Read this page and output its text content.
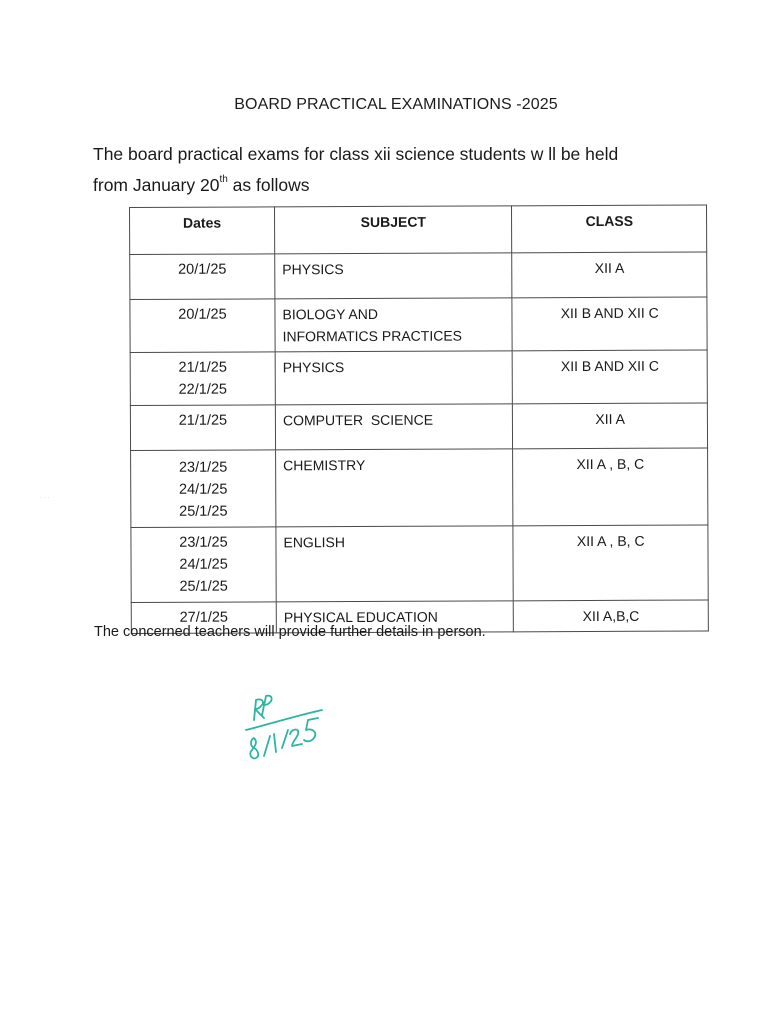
BOARD PRACTICAL EXAMINATIONS -2025
The board practical exams for class xii science students w ll be held
from January 20th as follows
Dates	SUBJECT	CLASS

20/1/25	PHYSICS	XII A

20/1/25	BIOLOGY AND
INFORMATICS PRACTICES	XII B AND XII C

21/1/25
22/1/25	PHYSICS	XII B AND XII C

21/1/25	COMPUTER  SCIENCE	XII A

23/1/25
24/1/25
25/1/25	CHEMISTRY	XII A , B, C

23/1/25
24/1/25
25/1/25	ENGLISH	XII A , B, C

27/1/25	PHYSICAL EDUCATION	XII A,B,C
The concerned teachers will provide further details in person.
· · ·
